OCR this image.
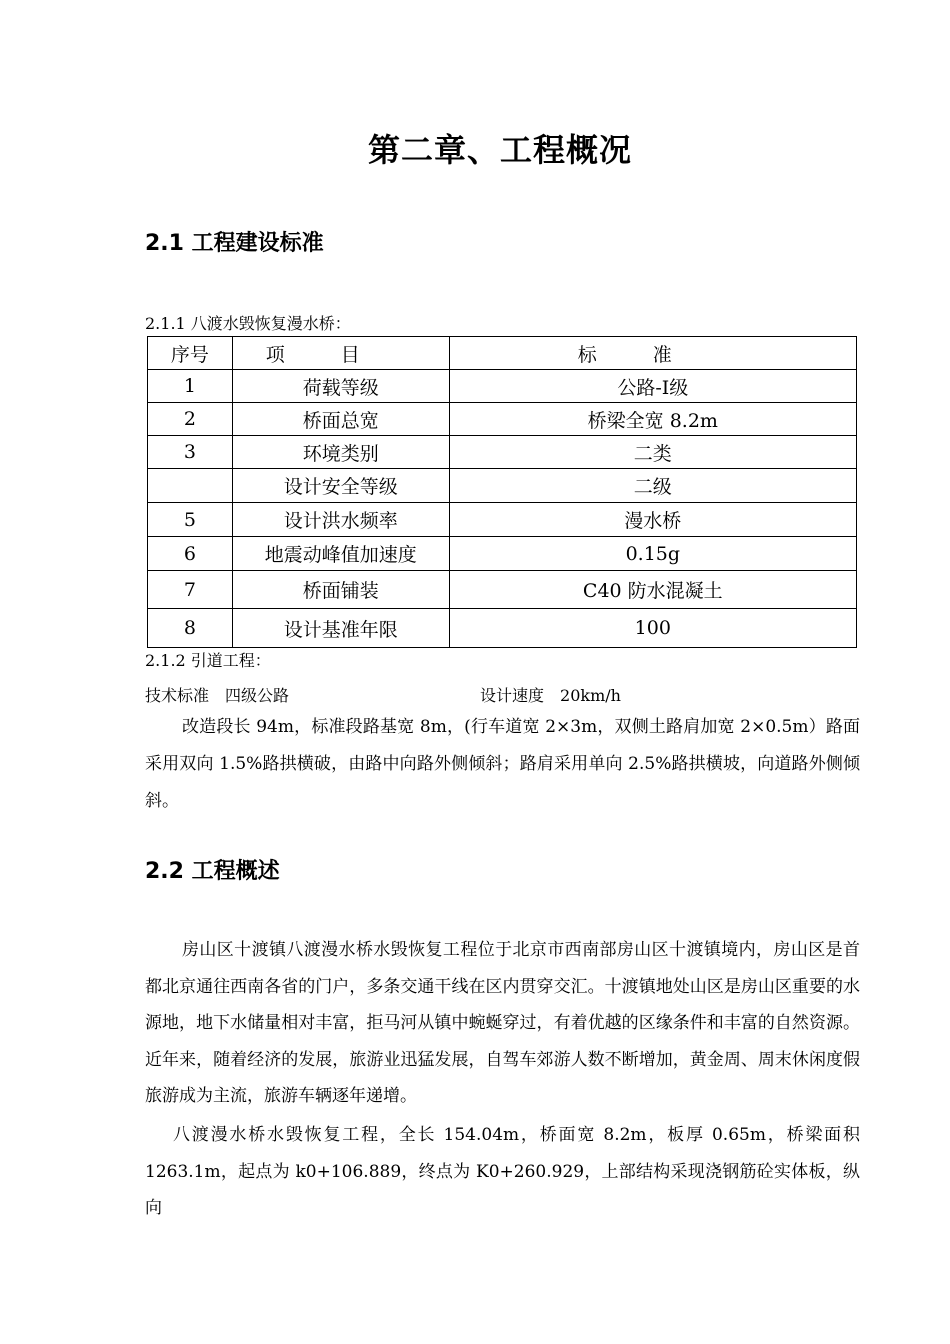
第二章、工程概况
2.1 工程建设标准
2.1.1 八渡水毁恢复漫水桥：
序号	项目	标准
1	荷载等级	公路-Ⅰ级
2	桥面总宽	桥梁全宽 8.2m
3	环境类别	二类
	设计安全等级	二级
5	设计洪水频率	漫水桥
6	地震动峰值加速度	0.15g
7	桥面铺装	C40 防水混凝土
8	设计基准年限	100
2.1.2 引道工程：
技术标准 四级公路	设计速度 20km/h

改造段长 94m，标准段路基宽 8m，(行车道宽 2×3m，双侧土路肩加宽 2×0.5m）路面采用双向 1.5%路拱横破，由路中向路外侧倾斜；路肩采用单向 2.5%路拱横坡，向道路外侧倾斜。

2.2 工程概述

房山区十渡镇八渡漫水桥水毁恢复工程位于北京市西南部房山区十渡镇境内，房山区是首都北京通往西南各省的门户，多条交通干线在区内贯穿交汇。十渡镇地处山区是房山区重要的水源地，地下水储量相对丰富，拒马河从镇中蜿蜒穿过，有着优越的区缘条件和丰富的自然资源。近年来，随着经济的发展，旅游业迅猛发展，自驾车郊游人数不断增加，黄金周、周末休闲度假旅游成为主流，旅游车辆逐年递增。

八渡漫水桥水毁恢复工程，全长 154.04m，桥面宽 8.2m，板厚 0.65m，桥梁面积 1263.1m，起点为 k0+106.889，终点为 K0+260.929，上部结构采现浇钢筋砼实体板，纵向
